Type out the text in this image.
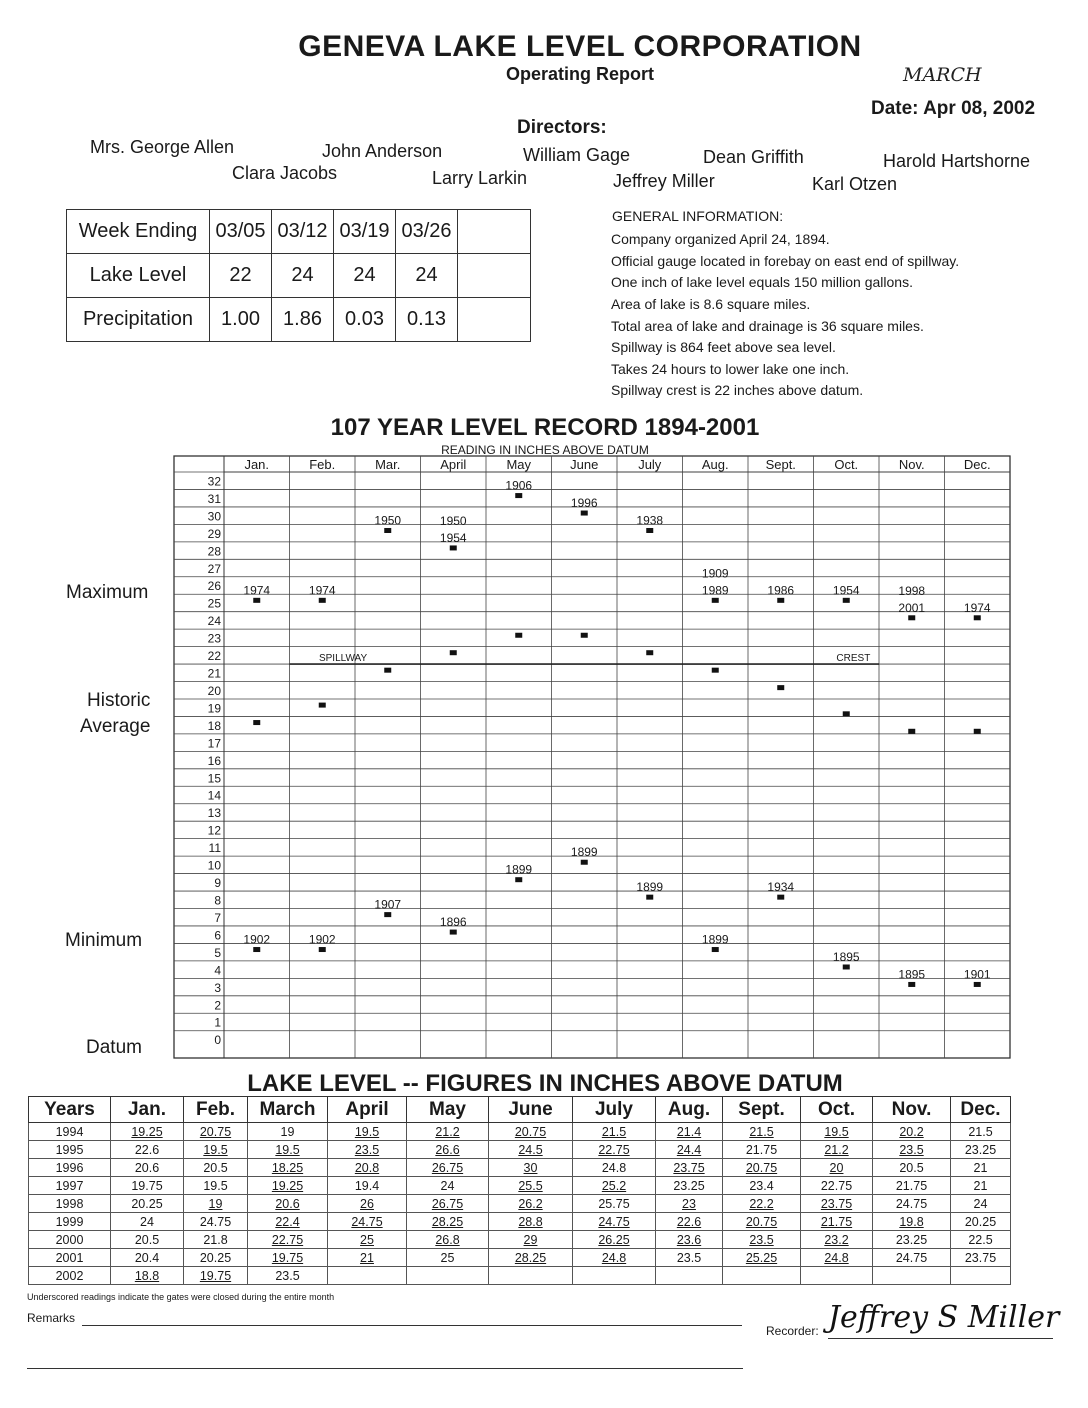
GENEVA LAKE LEVEL CORPORATION
Operating Report	MARCH
Date: Apr 08, 2002
Directors:
Mrs. George Allen	John Anderson	William Gage	Dean Griffith	Harold Hartshorne
Clara Jacobs	Larry Larkin	Jeffrey Miller	Karl Otzen
Week Ending	03/05	03/12	03/19	03/26	
Lake Level	22	24	24	24	
Precipitation	1.00	1.86	0.03	0.13	
GENERAL INFORMATION:
Company organized April 24, 1894.
Official gauge located in forebay on east end of spillway.
One inch of lake level equals 150 million gallons.
Area of lake is 8.6 square miles.
Total area of lake and drainage is 36 square miles.
Spillway is 864 feet above sea level.
Takes 24 hours to lower lake one inch.
Spillway crest is 22 inches above datum.
107 YEAR LEVEL RECORD 1894-2001
READING IN INCHES ABOVE DATUM
Maximum
Historic
Average
Minimum
Datum
Jan.	Feb.	Mar.	April	May	June	July	Aug.	Sept.	Oct.	Nov.	Dec.
32
31
30
29
28
27
26
25
24
23
22
21
20
19
18
17
16
15
14
13
12
11
10
9
8
7
6
5
4
3
2
1
0
SPILLWAY	CREST
1974	1974
1950	1950
1954
1906
1996
1938
1909
1989	1986	1954	1998
2001	1974
1902	1902
1907
1896
1899
1899
1899
1899
1934
1895
1895	1901
LAKE LEVEL -- FIGURES IN INCHES ABOVE DATUM
Years	Jan.	Feb.	March	April	May	June	July	Aug.	Sept.	Oct.	Nov.	Dec.
1994	19.25	20.75	19	19.5	21.2	20.75	21.5	21.4	21.5	19.5	20.2	21.5
1995	22.6	19.5	19.5	23.5	26.6	24.5	22.75	24.4	21.75	21.2	23.5	23.25
1996	20.6	20.5	18.25	20.8	26.75	30	24.8	23.75	20.75	20	20.5	21
1997	19.75	19.5	19.25	19.4	24	25.5	25.2	23.25	23.4	22.75	21.75	21
1998	20.25	19	20.6	26	26.75	26.2	25.75	23	22.2	23.75	24.75	24
1999	24	24.75	22.4	24.75	28.25	28.8	24.75	22.6	20.75	21.75	19.8	20.25
2000	20.5	21.8	22.75	25	26.8	29	26.25	23.6	23.5	23.2	23.25	22.5
2001	20.4	20.25	19.75	21	25	28.25	24.8	23.5	25.25	24.8	24.75	23.75
2002	18.8	19.75	23.5									
Underscored readings indicate the gates were closed during the entire month
Remarks
Recorder: Jeffrey S Miller
